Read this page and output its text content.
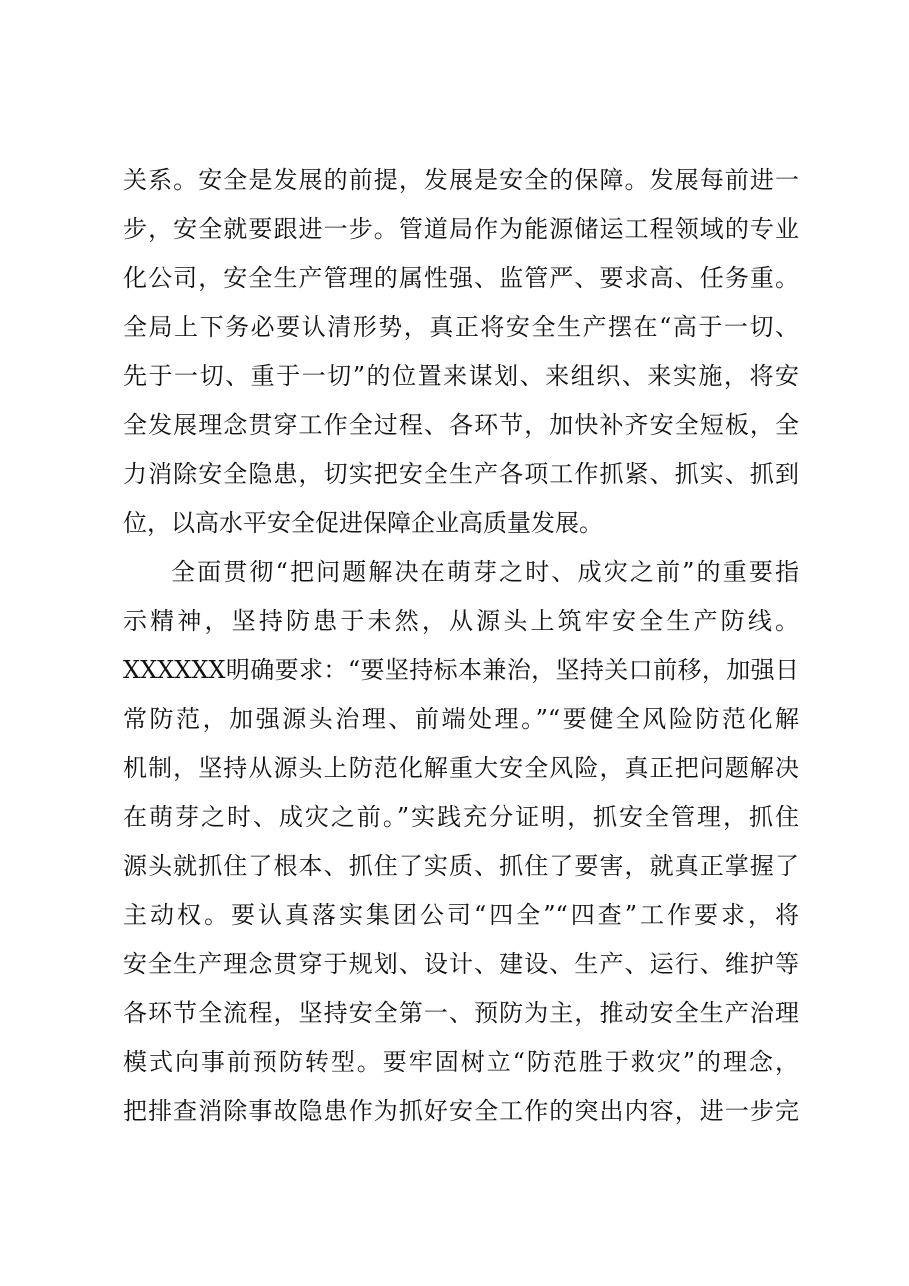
关系。安全是发展的前提，发展是安全的保障。发展每前进一
步，安全就要跟进一步。管道局作为能源储运工程领域的专业
化公司，安全生产管理的属性强、监管严、要求高、任务重。
全局上下务必要认清形势，真正将安全生产摆在“高于一切、
先于一切、重于一切”的位置来谋划、来组织、来实施，将安
全发展理念贯穿工作全过程、各环节，加快补齐安全短板，全
力消除安全隐患，切实把安全生产各项工作抓紧、抓实、抓到
位，以高水平安全促进保障企业高质量发展。
全面贯彻“把问题解决在萌芽之时、成灾之前”的重要指
示精神，坚持防患于未然，从源头上筑牢安全生产防线。
XXXXXX明确要求：“要坚持标本兼治，坚持关口前移，加强日
常防范，加强源头治理、前端处理。”“要健全风险防范化解
机制，坚持从源头上防范化解重大安全风险，真正把问题解决
在萌芽之时、成灾之前。”实践充分证明，抓安全管理，抓住
源头就抓住了根本、抓住了实质、抓住了要害，就真正掌握了
主动权。要认真落实集团公司“四全”“四查”工作要求，将
安全生产理念贯穿于规划、设计、建设、生产、运行、维护等
各环节全流程，坚持安全第一、预防为主，推动安全生产治理
模式向事前预防转型。要牢固树立“防范胜于救灾”的理念，
把排查消除事故隐患作为抓好安全工作的突出内容，进一步完
